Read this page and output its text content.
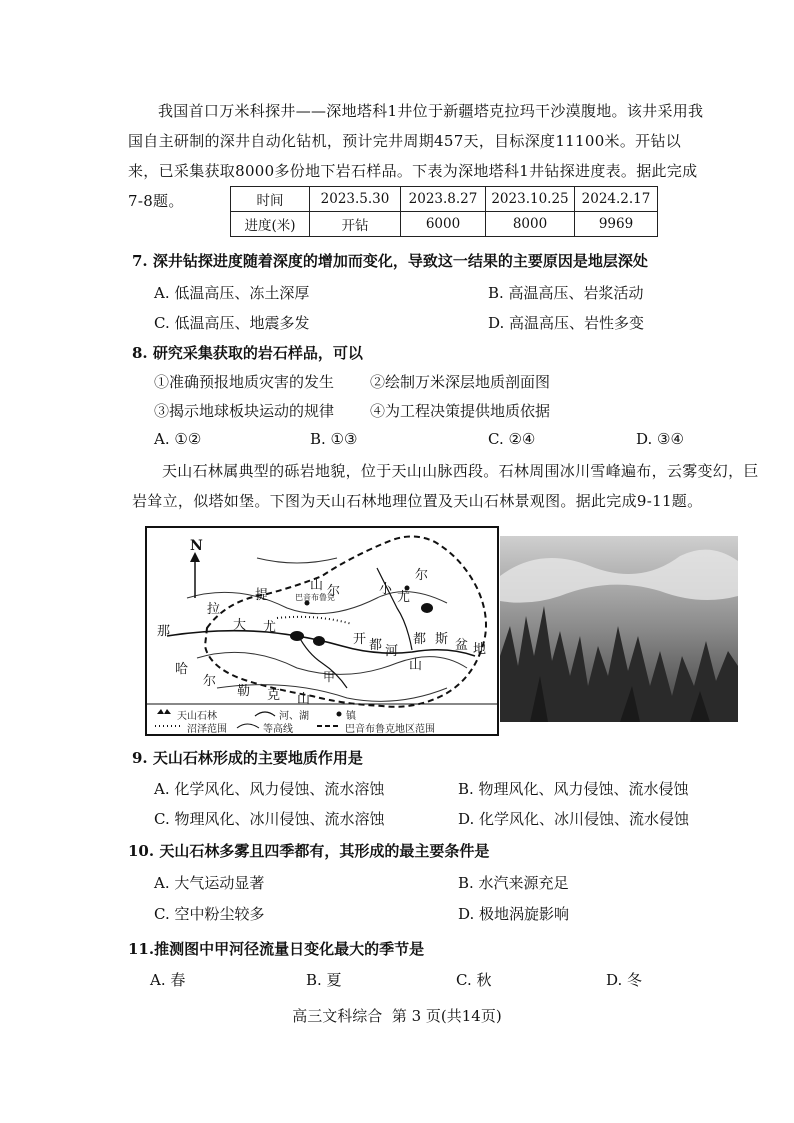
我国首口万米科探井——深地塔科1井位于新疆塔克拉玛干沙漠腹地。该井采用我国自主研制的深井自动化钻机，预计完井周期457天，目标深度11100米。开钻以来，已采集获取8000多份地下岩石样品。下表为深地塔科1井钻探进度表。据此完成7-8题。	时间	2023.5.30	2023.8.27	2023.10.25	2024.2.17
进度(米)	开钻	6000	8000	9969
7. 深井钻探进度随着深度的增加而变化，导致这一结果的主要原因是地层深处
A. 低温高压、冻土深厚	B. 高温高压、岩浆活动
C. 低温高压、地震多发	D. 高温高压、岩性多变
8. 研究采集获取的岩石样品，可以
①准确预报地质灾害的发生 ②绘制万米深层地质剖面图
③揭示地球板块运动的规律 ④为工程决策提供地质依据
A. ①②	B. ①③	C. ②④	D. ③④
天山石林属典型的砾岩地貌，位于天山山脉西段。石林周围冰川雪峰遍布，云雾变幻，巨岩耸立，似塔如堡。下图为天山石林地理位置及天山石林景观图。据此完成9-11题。
N
那
拉
提
山 尔
尔
大 尤
巴音布鲁克
小
尤
都 斯 盆 地
哈
尔
勒 克 山
山
开 都 河
甲
天山石林	河、湖	镇
沼泽范围	等高线	巴音布鲁克地区范围
9. 天山石林形成的主要地质作用是
A. 化学风化、风力侵蚀、流水溶蚀	B. 物理风化、风力侵蚀、流水侵蚀
C. 物理风化、冰川侵蚀、流水溶蚀	D. 化学风化、冰川侵蚀、流水侵蚀
10. 天山石林多雾且四季都有，其形成的最主要条件是
A. 大气运动显著	B. 水汽来源充足
C. 空中粉尘较多	D. 极地涡旋影响
11.推测图中甲河径流量日变化最大的季节是
A. 春	B. 夏	C. 秋	D. 冬
高三文科综合  第 3 页(共14页)
